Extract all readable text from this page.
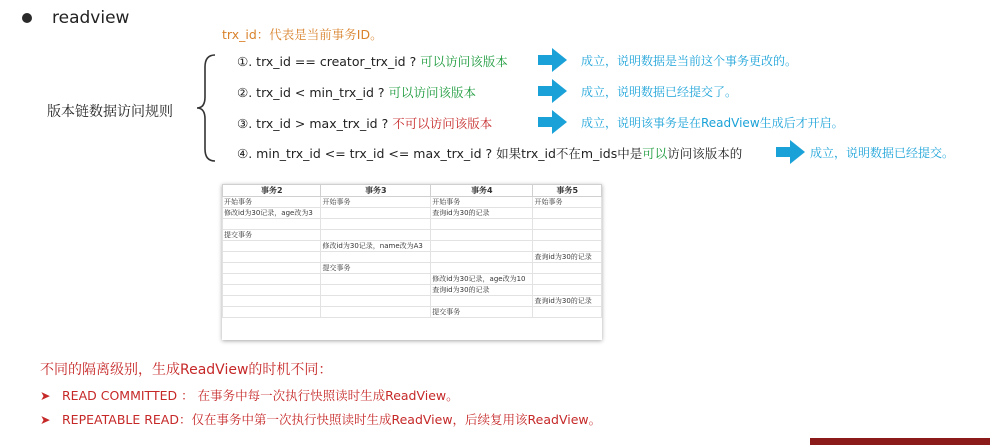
readview
trx_id：代表是当前事务ID。
版本链数据访问规则
①. trx_id == creator_trx_id ? 可以访问该版本	成立，说明数据是当前这个事务更改的。
②. trx_id < min_trx_id ? 可以访问该版本	成立，说明数据已经提交了。
③. trx_id > max_trx_id ? 不可以访问该版本	成立，说明该事务是在ReadView生成后才开启。
④. min_trx_id <= trx_id <= max_trx_id ? 如果trx_id不在m_ids中是可以访问该版本的	成立，说明数据已经提交。
事务2	事务3	事务4	事务5
开始事务	开始事务	开始事务	开始事务
修改id为30记录，age改为3		查询id为30的记录	

提交事务			
	修改id为30记录，name改为A3		
			查询id为30的记录
	提交事务		
		修改id为30记录，age改为10	
		查询id为30的记录	
			查询id为30的记录
		提交事务	
不同的隔离级别，生成ReadView的时机不同：
➤ READ COMMITTED ： 在事务中每一次执行快照读时生成ReadView。
➤ REPEATABLE READ：仅在事务中第一次执行快照读时生成ReadView，后续复用该ReadView。
